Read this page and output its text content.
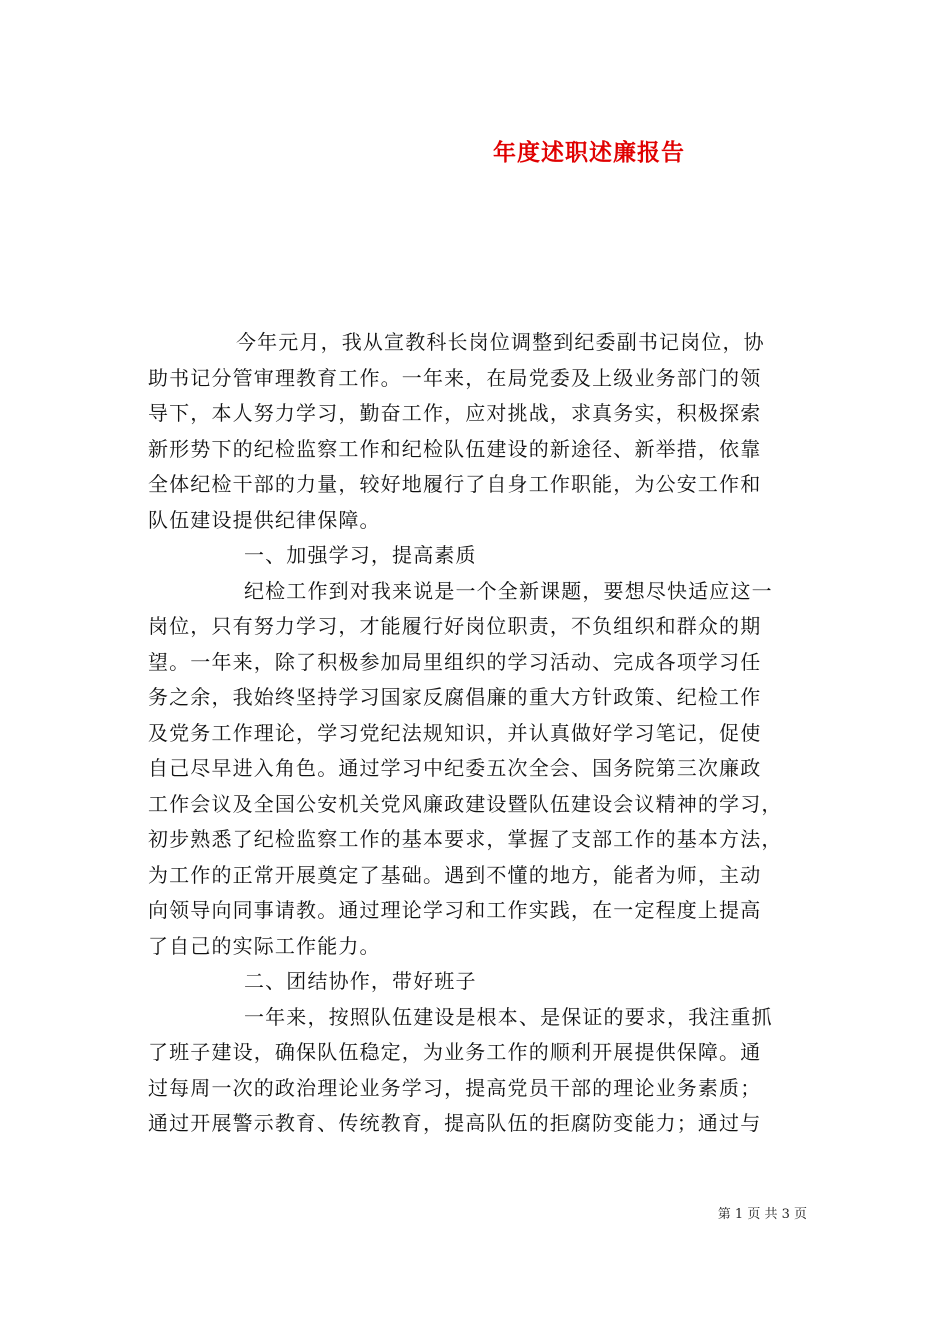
年度述职述廉报告
今年元月，我从宣教科长岗位调整到纪委副书记岗位，协
助书记分管审理教育工作。一年来，在局党委及上级业务部门的领
导下，本人努力学习，勤奋工作，应对挑战，求真务实，积极探索
新形势下的纪检监察工作和纪检队伍建设的新途径、新举措，依靠
全体纪检干部的力量，较好地履行了自身工作职能，为公安工作和
队伍建设提供纪律保障。
一、加强学习，提高素质
纪检工作到对我来说是一个全新课题，要想尽快适应这一
岗位，只有努力学习，才能履行好岗位职责，不负组织和群众的期
望。一年来，除了积极参加局里组织的学习活动、完成各项学习任
务之余，我始终坚持学习国家反腐倡廉的重大方针政策、纪检工作
及党务工作理论，学习党纪法规知识，并认真做好学习笔记，促使
自己尽早进入角色。通过学习中纪委五次全会、国务院第三次廉政
工作会议及全国公安机关党风廉政建设暨队伍建设会议精神的学习，
初步熟悉了纪检监察工作的基本要求，掌握了支部工作的基本方法，
为工作的正常开展奠定了基础。遇到不懂的地方，能者为师，主动
向领导向同事请教。通过理论学习和工作实践，在一定程度上提高
了自己的实际工作能力。
二、团结协作，带好班子
一年来，按照队伍建设是根本、是保证的要求，我注重抓
了班子建设，确保队伍稳定，为业务工作的顺利开展提供保障。通
过每周一次的政治理论业务学习，提高党员干部的理论业务素质；
通过开展警示教育、传统教育，提高队伍的拒腐防变能力；通过与
第 1 页 共 3 页
